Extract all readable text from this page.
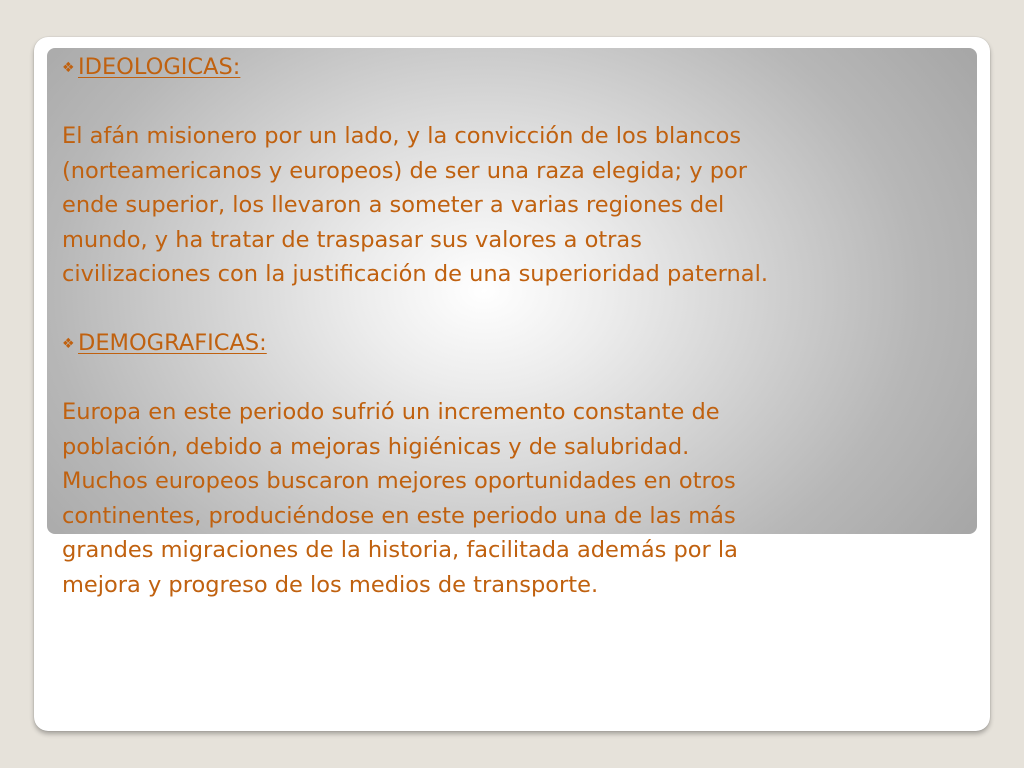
❖ IDEOLOGICAS:
El afán misionero por un lado, y la convicción de los blancos
(norteamericanos y europeos) de ser una raza elegida; y por
ende superior, los llevaron a someter a varias regiones del
mundo, y ha tratar de traspasar sus valores a otras
civilizaciones con la justificación de una superioridad paternal.
❖ DEMOGRAFICAS:
Europa en este periodo sufrió un incremento constante de
población, debido a mejoras higiénicas y de salubridad.
Muchos europeos buscaron mejores oportunidades en otros
continentes, produciéndose en este periodo una de las más
grandes migraciones de la historia, facilitada además por la
mejora y progreso de los medios de transporte.
